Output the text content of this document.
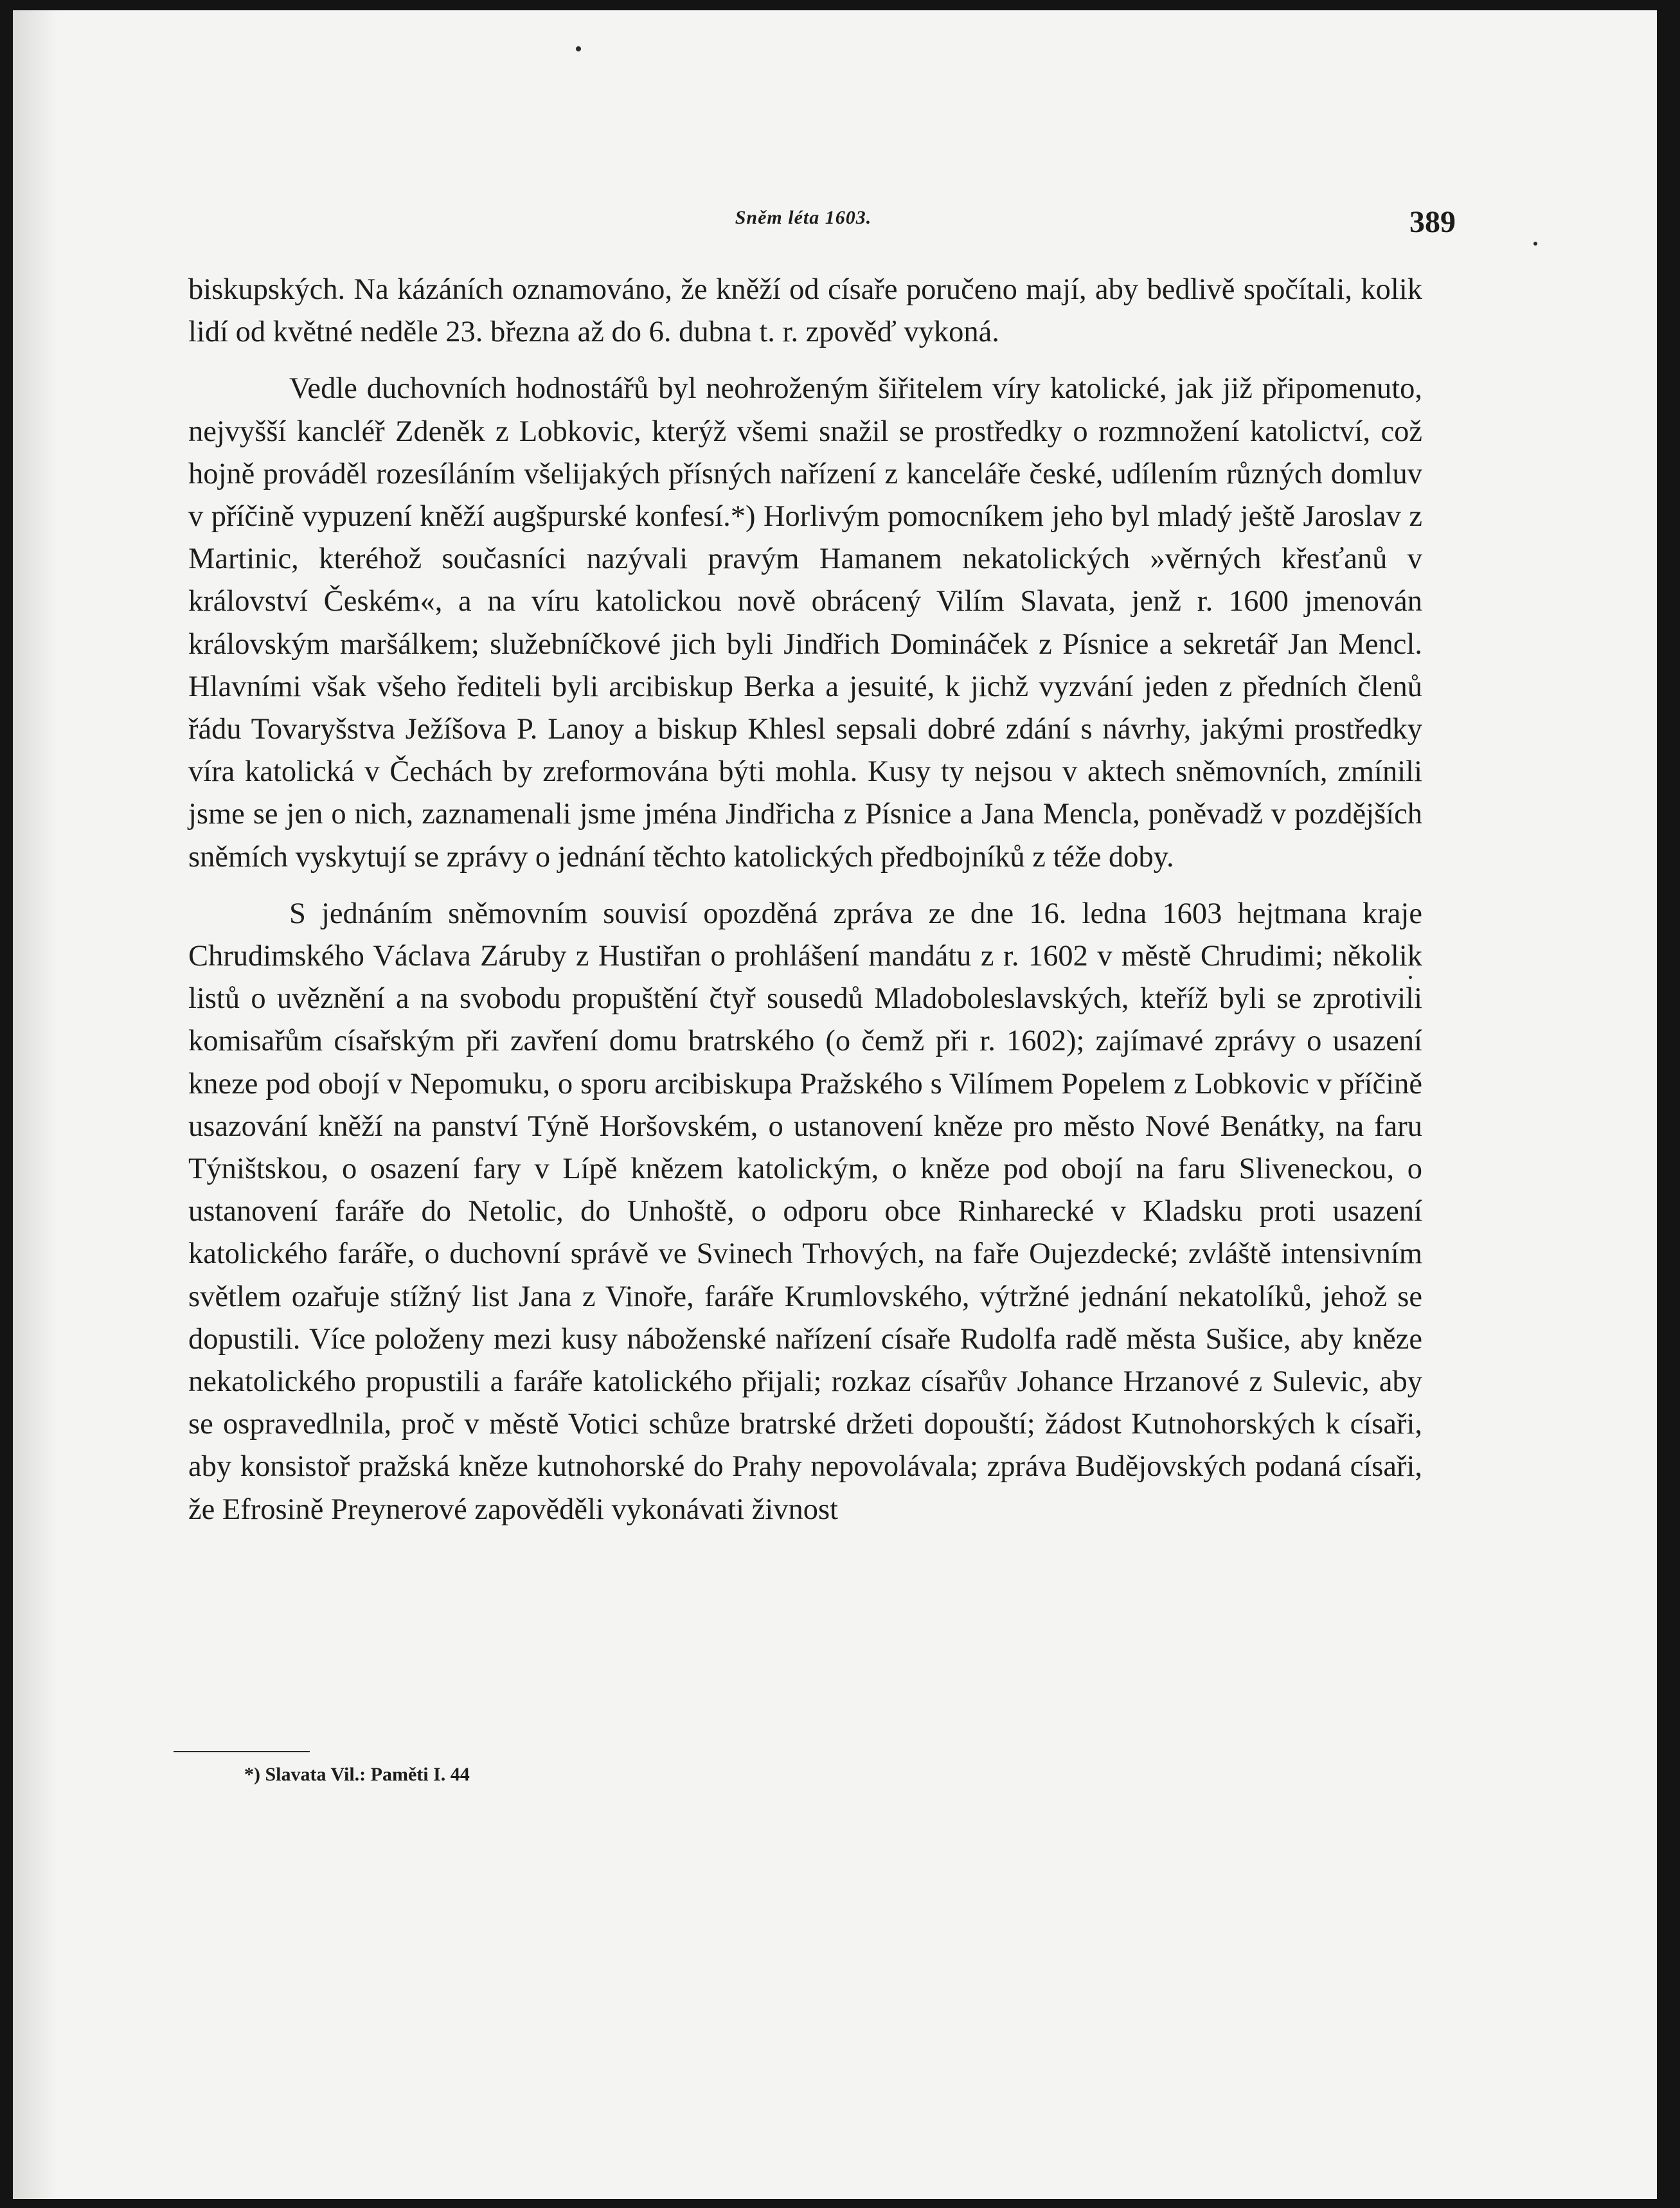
Sněm léta 1603.	389

biskupských. Na kázáních oznamováno, že kněží od císaře poručeno mají, aby bedlivě spočítali, kolik lidí od květné neděle 23. března až do 6. dubna t. r. zpověď vykoná.

Vedle duchovních hodnostářů byl neohroženým šiřitelem víry katolické, jak již připomenuto, nejvyšší kancléř Zdeněk z Lobkovic, kterýž všemi snažil se prostředky o rozmnožení katolictví, což hojně prováděl rozesíláním všelijakých přísných nařízení z kanceláře české, udílením různých domluv v příčině vypuzení kněží augšpurské konfesí.*) Horlivým pomocníkem jeho byl mladý ještě Jaroslav z Martinic, kteréhož současníci nazývali pravým Hamanem nekatolických »věrných křesťanů v království Českém«, a na víru katolickou nově obrácený Vilím Slavata, jenž r. 1600 jmenován královským maršálkem; služebníčkové jich byli Jindřich Domináček z Písnice a sekretář Jan Mencl. Hlavními však všeho řediteli byli arcibiskup Berka a jesuité, k jichž vyzvání jeden z předních členů řádu Tovaryšstva Ježíšova P. Lanoy a biskup Khlesl sepsali dobré zdání s návrhy, jakými prostředky víra katolická v Čechách by zreformována býti mohla. Kusy ty nejsou v aktech sněmovních, zmínili jsme se jen o nich, zaznamenali jsme jména Jindřicha z Písnice a Jana Mencla, poněvadž v pozdějších sněmích vyskytují se zprávy o jednání těchto katolických předbojníků z téže doby.

S jednáním sněmovním souvisí opozděná zpráva ze dne 16. ledna 1603 hejtmana kraje Chrudimského Václava Záruby z Hustiřan o prohlášení mandátu z r. 1602 v městě Chrudimi; několik listů o uvěznění a na svobodu propuštění čtyř sousedů Mladoboleslavských, kteříž byli se zprotivili komisařům císařským při zavření domu bratrského (o čemž při r. 1602); zajímavé zprávy o usazení kneze pod obojí v Nepomuku, o sporu arcibiskupa Pražského s Vilímem Popelem z Lobkovic v příčině usazování kněží na panství Týně Horšovském, o ustanovení kněze pro město Nové Benátky, na faru Týništskou, o osazení fary v Lípě knězem katolickým, o kněze pod obojí na faru Sliveneckou, o ustanovení faráře do Netolic, do Unhoště, o odporu obce Rinharecké v Kladsku proti usazení katolického faráře, o duchovní správě ve Svinech Trhových, na faře Oujezdecké; zvláště intensivním světlem ozařuje stížný list Jana z Vinoře, faráře Krumlovského, výtržné jednání nekatolíků, jehož se dopustili. Více položeny mezi kusy náboženské nařízení císaře Rudolfa radě města Sušice, aby kněze nekatolického propustili a faráře katolického přijali; rozkaz císařův Johance Hrzanové z Sulevic, aby se ospravedlnila, proč v městě Votici schůze bratrské držeti dopouští; žádost Kutnohorských k císaři, aby konsistoř pražská kněze kutnohorské do Prahy nepovolávala; zpráva Budějovských podaná císaři, že Efrosině Preynerové zapověděli vykonávati živnost

*) Slavata Vil.: Paměti I. 44
